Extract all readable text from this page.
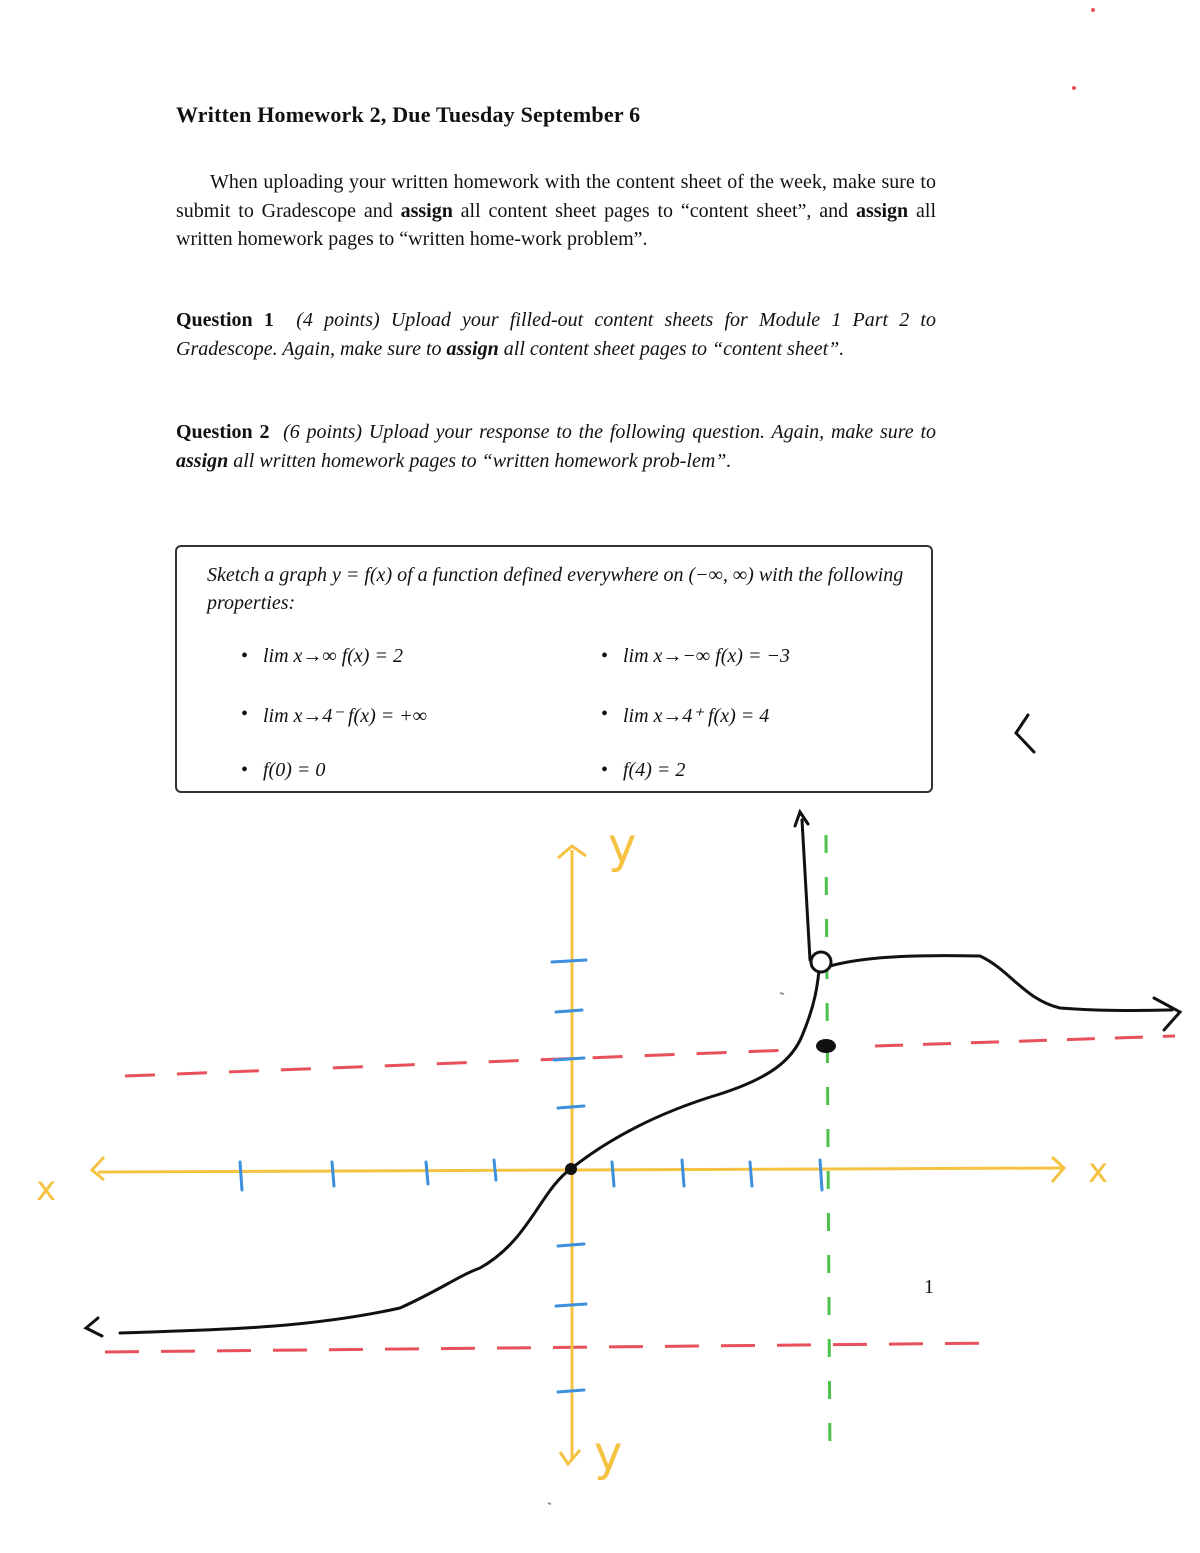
Written Homework 2, Due Tuesday September 6
When uploading your written homework with the content sheet of the week, make sure to submit to Gradescope and assign all content sheet pages to “content sheet”, and assign all written homework pages to “written home-work problem”.
Question 1 (4 points) Upload your filled-out content sheets for Module 1 Part 2 to Gradescope. Again, make sure to assign all content sheet pages to “content sheet”.
Question 2 (6 points) Upload your response to the following question. Again, make sure to assign all written homework pages to “written homework prob-lem”.
Sketch a graph y = f(x) of a function defined everywhere on (−∞, ∞) with the following properties:
• lim x→∞ f(x) = 2	• lim x→−∞ f(x) = −3
• lim x→4⁻ f(x) = +∞	• lim x→4⁺ f(x) = 4
• f(0) = 0	• f(4) = 2
1
x
x
y
y
